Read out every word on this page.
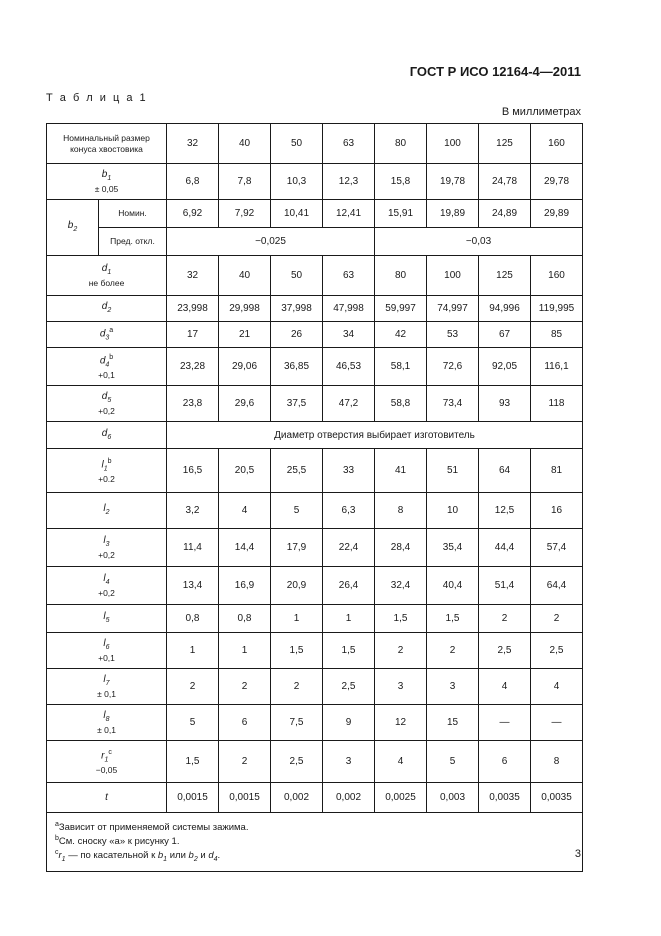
ГОСТ Р ИСО 12164-4—2011
Т а б л и ц а 1
В миллиметрах
Номинальный размер конуса хвостовика		32	40	50	63	80	100	125	160

$b_1$
± 0,05		6,8	7,8	10,3	12,3	15,8	19,78	24,78	29,78

$b_2$	Номин.	6,92	7,92	10,41	12,41	15,91	19,89	24,89	29,89
	Пред. откл.	−0,025				−0,03			

$d_1$
не более		32	40	50	63	80	100	125	160

$d_2$		23,998	29,998	37,998	47,998	59,997	74,997	94,996	119,995

$d_3^a$		17	21	26	34	42	53	67	85

$d_4^b$
+0,1		23,28	29,06	36,85	46,53	58,1	72,6	92,05	116,1

$d_5$
+0,2		23,8	29,6	37,5	47,2	58,8	73,4	93	118

$d_6$		Диаметр отверстия выбирает изготовитель							

$l_1^b$
+0.2		16,5	20,5	25,5	33	41	51	64	81

$l_2$		3,2	4	5	6,3	8	10	12,5	16

$l_3$
+0,2		11,4	14,4	17,9	22,4	28,4	35,4	44,4	57,4

$l_4$
+0,2		13,4	16,9	20,9	26,4	32,4	40,4	51,4	64,4

$l_5$		0,8	0,8	1	1	1,5	1,5	2	2

$l_6$
+0,1		1	1	1,5	1,5	2	2	2,5	2,5

$l_7$
± 0,1		2	2	2	2,5	3	3	4	4

$l_8$
± 0,1		5	6	7,5	9	12	15	—	—

$r_1^c$
−0,05		1,5	2	2,5	3	4	5	6	8

t		0,0015	0,0015	0,002	0,002	0,0025	0,003	0,0035	0,0035

$^a$Зависит от применяемой системы зажима.
$^b$См. сноску «а» к рисунку 1.
$^cr_1$ — по касательной к $b_1$ или $b_2$ и $d_4$.										3
